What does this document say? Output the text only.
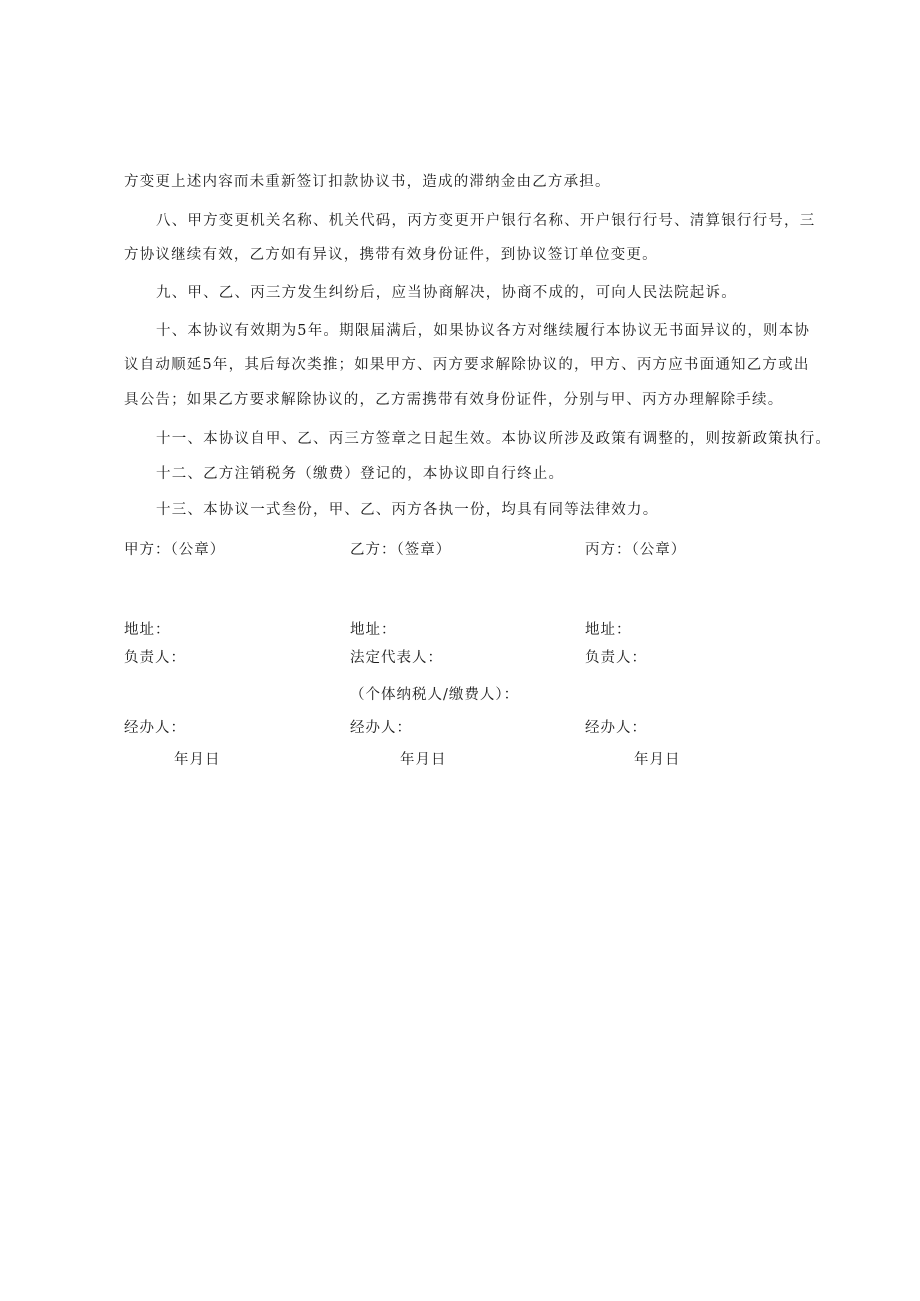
方变更上述内容而未重新签订扣款协议书，造成的滞纳金由乙方承担。
八、甲方变更机关名称、机关代码，丙方变更开户银行名称、开户银行行号、清算银行行号，三
方协议继续有效，乙方如有异议，携带有效身份证件，到协议签订单位变更。
九、甲、乙、丙三方发生纠纷后，应当协商解决，协商不成的，可向人民法院起诉。
十、本协议有效期为5年。期限届满后，如果协议各方对继续履行本协议无书面异议的，则本协
议自动顺延5年，其后每次类推；如果甲方、丙方要求解除协议的，甲方、丙方应书面通知乙方或出
具公告；如果乙方要求解除协议的，乙方需携带有效身份证件，分别与甲、丙方办理解除手续。
十一、本协议自甲、乙、丙三方签章之日起生效。本协议所涉及政策有调整的，则按新政策执行。
十二、乙方注销税务（缴费）登记的，本协议即自行终止。
十三、本协议一式叁份，甲、乙、丙方各执一份，均具有同等法律效力。
甲方：（公章）
地址：
负责人：
经办人：
年月日
乙方：（签章）
地址：
法定代表人：
（个体纳税人/缴费人）：
经办人：
年月日
丙方：（公章）
地址：
负责人：
经办人：
年月日
